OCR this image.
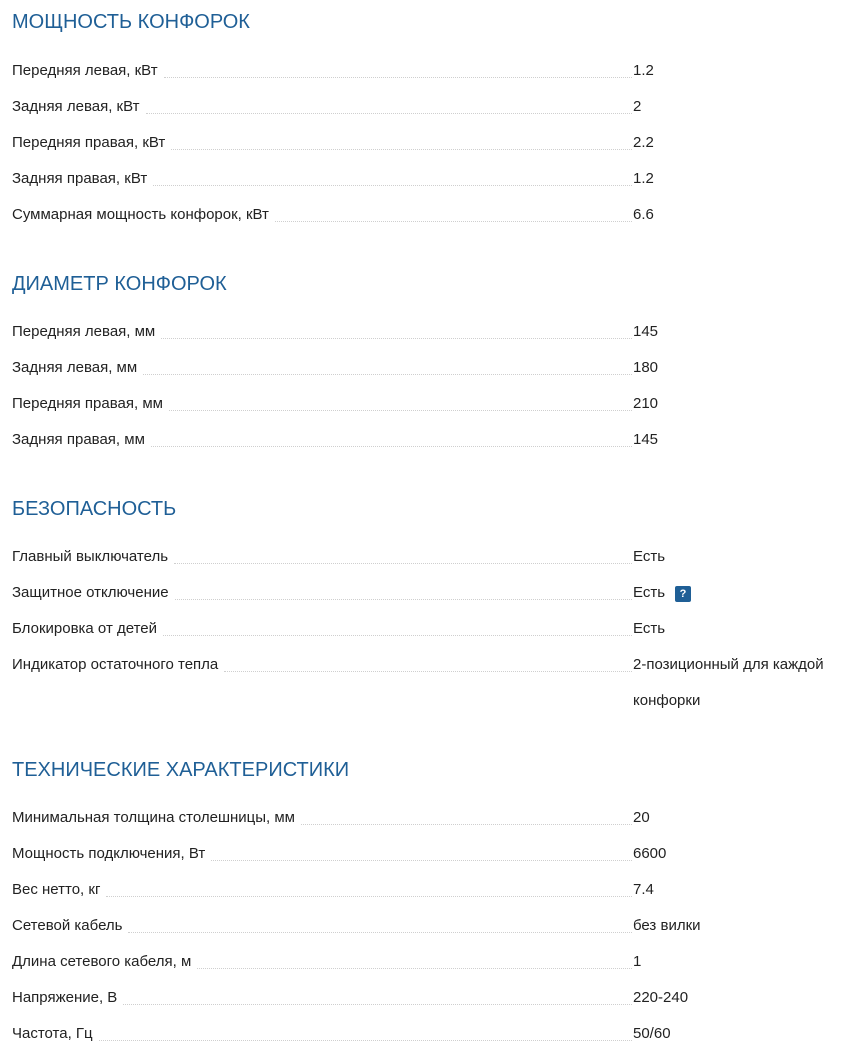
МОЩНОСТЬ КОНФОРОК
Передняя левая, кВт	1.2
Задняя левая, кВт	2
Передняя правая, кВт	2.2
Задняя правая, кВт	1.2
Суммарная мощность конфорок, кВт	6.6
ДИАМЕТР КОНФОРОК
Передняя левая, мм	145
Задняя левая, мм	180
Передняя правая, мм	210
Задняя правая, мм	145
БЕЗОПАСНОСТЬ
Главный выключатель	Есть
Защитное отключение	Есть ?
Блокировка от детей	Есть
Индикатор остаточного тепла	2-позиционный для каждой конфорки
ТЕХНИЧЕСКИЕ ХАРАКТЕРИСТИКИ
Минимальная толщина столешницы, мм	20
Мощность подключения, Вт	6600
Вес нетто, кг	7.4
Сетевой кабель	без вилки
Длина сетевого кабеля, м	1
Напряжение, В	220-240
Частота, Гц	50/60
